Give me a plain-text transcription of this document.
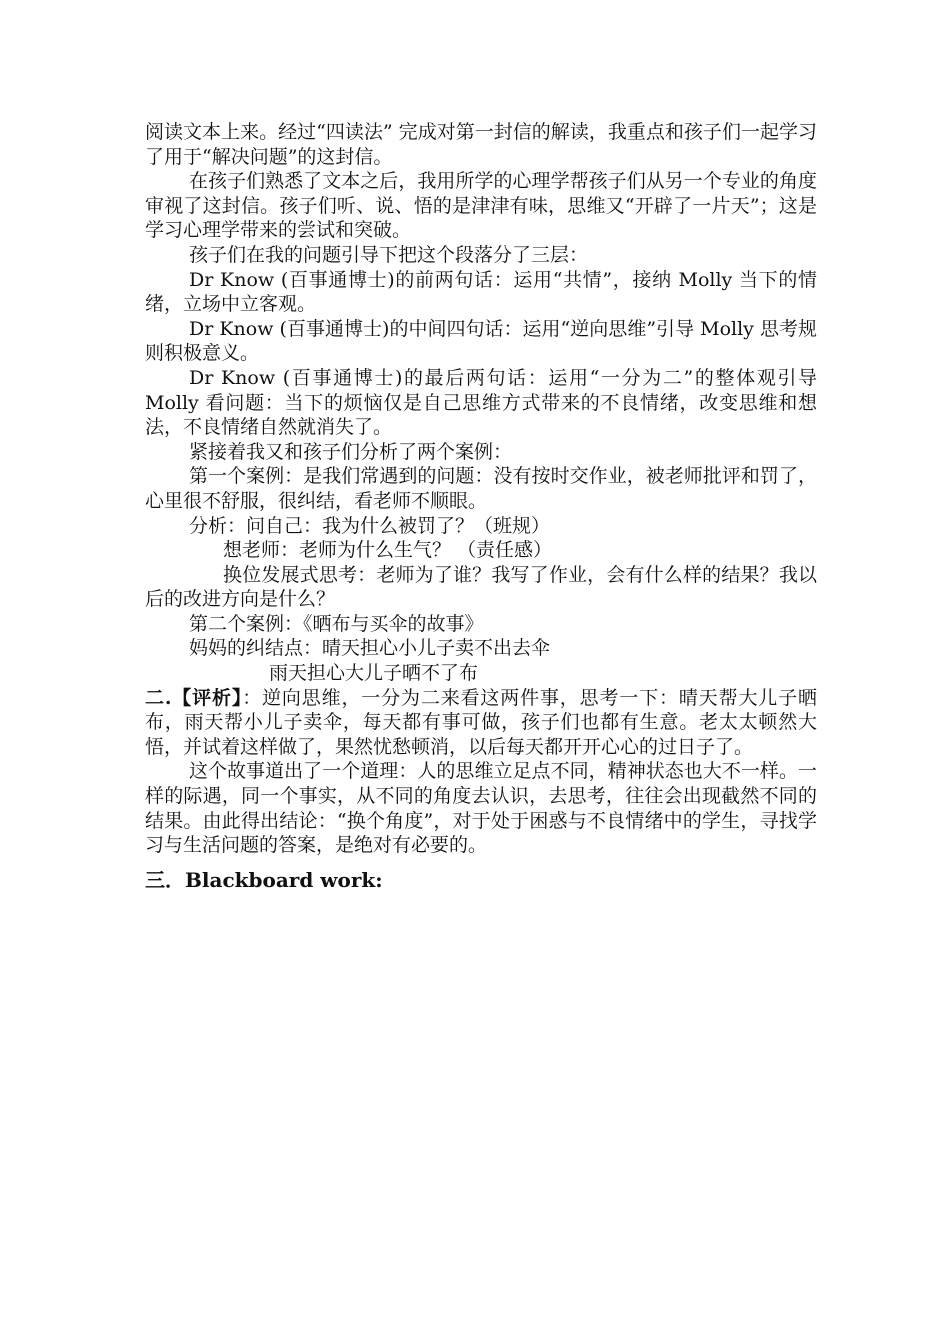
阅读文本上来。经过“四读法” 完成对第一封信的解读，我重点和孩子们一起学习了用于“解决问题”的这封信。

在孩子们熟悉了文本之后，我用所学的心理学帮孩子们从另一个专业的角度审视了这封信。孩子们听、说、悟的是津津有味，思维又“开辟了一片天”；这是学习心理学带来的尝试和突破。

孩子们在我的问题引导下把这个段落分了三层：

Dr Know (百事通博士)的前两句话：运用“共情”，接纳 Molly 当下的情绪，立场中立客观。

Dr Know (百事通博士)的中间四句话：运用“逆向思维”引导 Molly 思考规则积极意义。

Dr Know (百事通博士)的最后两句话：运用“一分为二”的整体观引导 Molly 看问题：当下的烦恼仅是自己思维方式带来的不良情绪，改变思维和想法，不良情绪自然就消失了。

紧接着我又和孩子们分析了两个案例：

第一个案例：是我们常遇到的问题：没有按时交作业，被老师批评和罚了，心里很不舒服，很纠结，看老师不顺眼。

分析：问自己：我为什么被罚了？（班规）

想老师：老师为什么生气？ （责任感）

换位发展式思考：老师为了谁？我写了作业，会有什么样的结果？我以后的改进方向是什么？

第二个案例：《晒布与买伞的故事》

妈妈的纠结点：晴天担心小儿子卖不出去伞

雨天担心大儿子晒不了布

二.【评析】：逆向思维，一分为二来看这两件事，思考一下：晴天帮大儿子晒布，雨天帮小儿子卖伞，每天都有事可做，孩子们也都有生意。老太太顿然大悟，并试着这样做了，果然忧愁顿消，以后每天都开开心心的过日子了。

这个故事道出了一个道理：人的思维立足点不同，精神状态也大不一样。一样的际遇，同一个事实，从不同的角度去认识，去思考，往往会出现截然不同的结果。由此得出结论：“换个角度”，对于处于困惑与不良情绪中的学生，寻找学习与生活问题的答案，是绝对有必要的。

三．Blackboard work:
